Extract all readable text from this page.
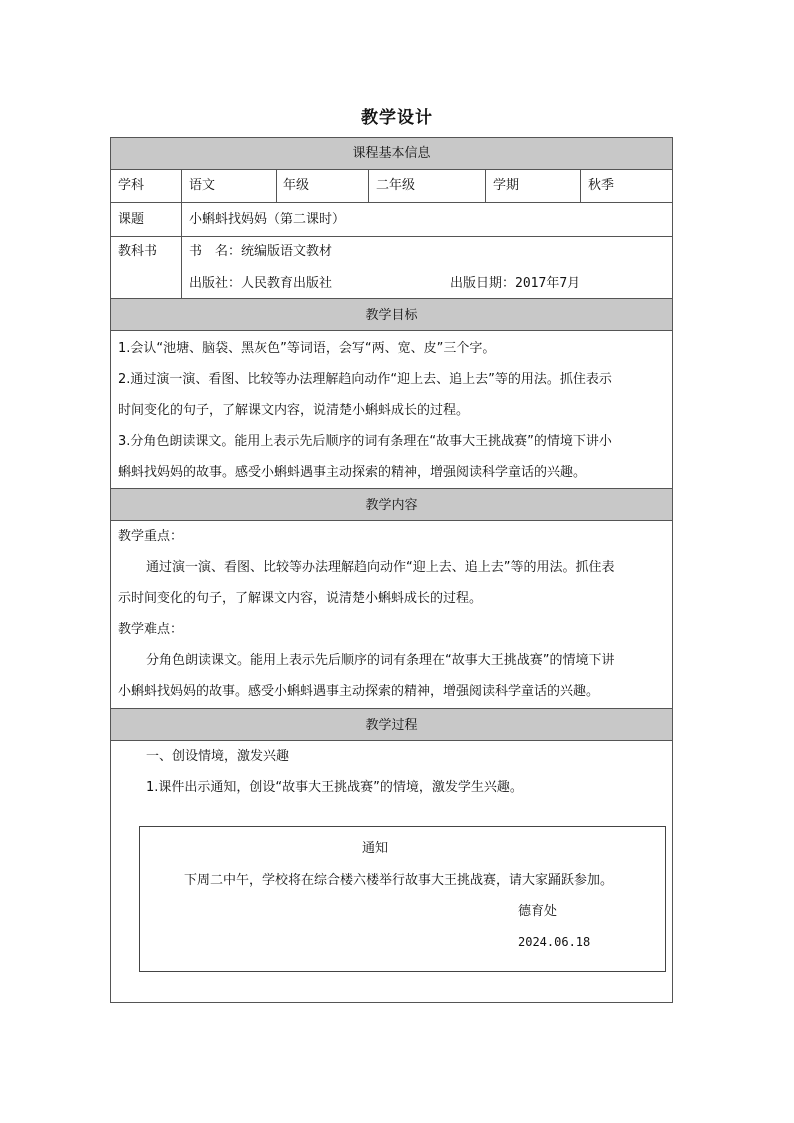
教学设计
课程基本信息
学科	语文	年级	二年级	学期	秋季
课题	小蝌蚪找妈妈（第二课时）
教科书 书　名：统编版语文教材
出版社：人民教育出版社	出版日期：2017年7月
教学目标
1.会认“池塘、脑袋、黑灰色”等词语，会写“两、宽、皮”三个字。
2.通过演一演、看图、比较等办法理解趋向动作“迎上去、追上去”等的用法。抓住表示
时间变化的句子，了解课文内容，说清楚小蝌蚪成长的过程。
3.分角色朗读课文。能用上表示先后顺序的词有条理在“故事大王挑战赛”的情境下讲小
蝌蚪找妈妈的故事。感受小蝌蚪遇事主动探索的精神，增强阅读科学童话的兴趣。
教学内容
教学重点：
通过演一演、看图、比较等办法理解趋向动作“迎上去、追上去”等的用法。抓住表
示时间变化的句子，了解课文内容，说清楚小蝌蚪成长的过程。
教学难点：
分角色朗读课文。能用上表示先后顺序的词有条理在“故事大王挑战赛”的情境下讲
小蝌蚪找妈妈的故事。感受小蝌蚪遇事主动探索的精神，增强阅读科学童话的兴趣。
教学过程
一、创设情境，激发兴趣
1.课件出示通知，创设“故事大王挑战赛”的情境，激发学生兴趣。
通知
下周二中午，学校将在综合楼六楼举行故事大王挑战赛，请大家踊跃参加。
德育处
2024.06.18
